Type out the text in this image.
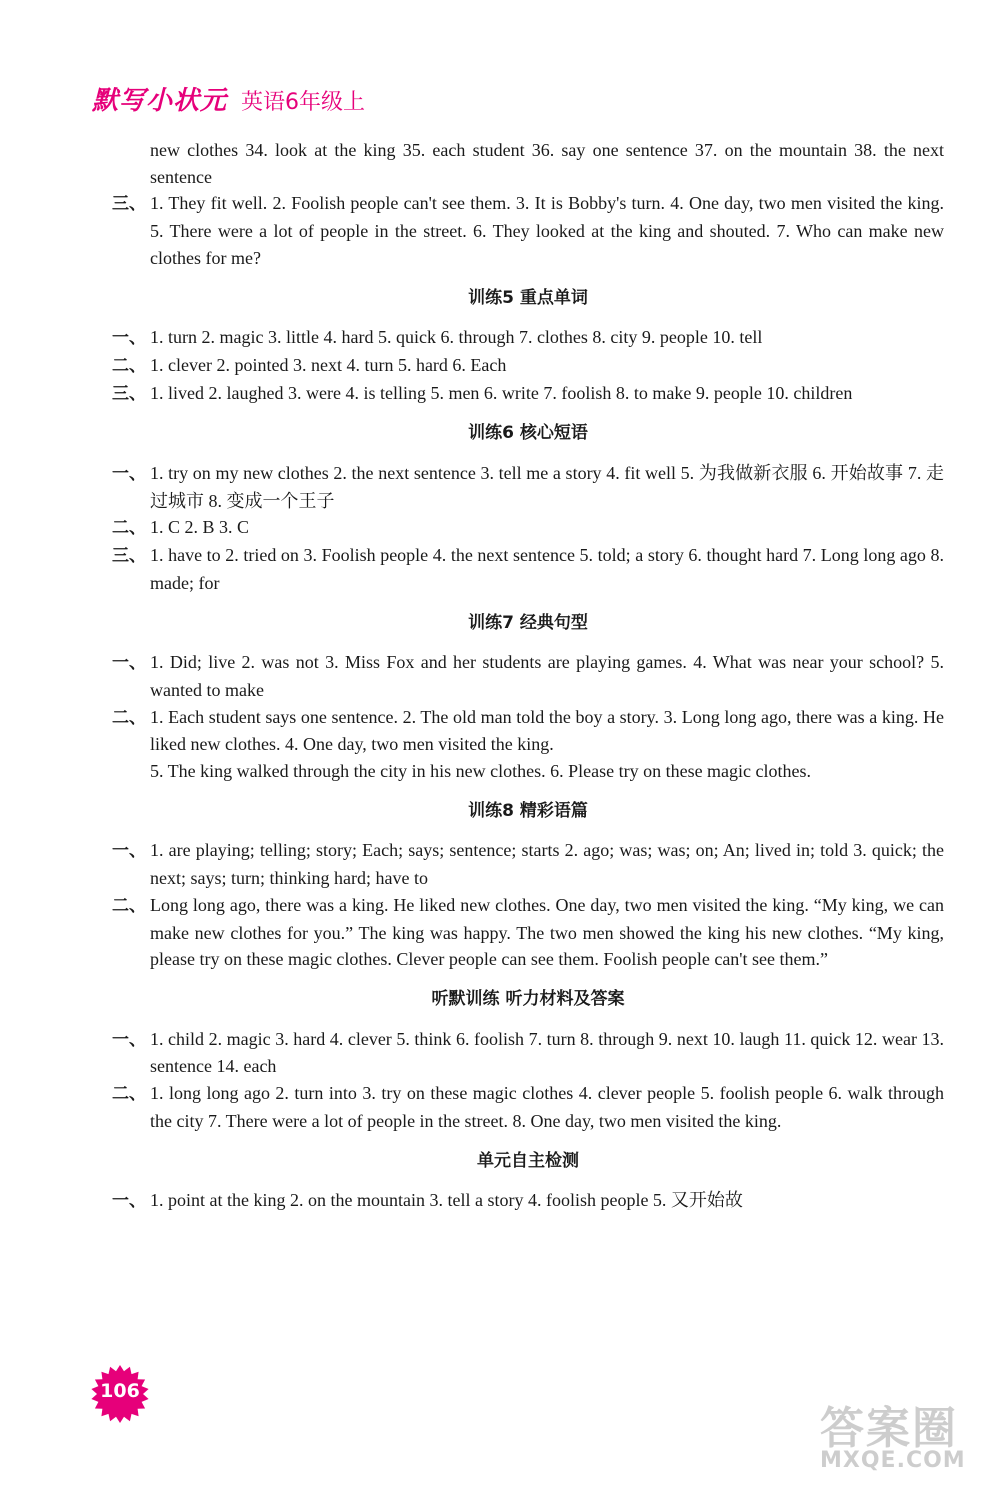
默写小状元 英语6年级上

new clothes 34. look at the king 35. each student 36. say one sentence 37. on the mountain 38. the next sentence

三、 1. They fit well. 2. Foolish people can't see them. 3. It is Bobby's turn. 4. One day, two men visited the king. 5. There were a lot of people in the street. 6. They looked at the king and shouted. 7. Who can make new clothes for me?

训练5 重点单词

一、 1. turn 2. magic 3. little 4. hard 5. quick 6. through 7. clothes 8. city 9. people 10. tell

二、 1. clever 2. pointed 3. next 4. turn 5. hard 6. Each

三、 1. lived 2. laughed 3. were 4. is telling 5. men 6. write 7. foolish 8. to make 9. people 10. children

训练6 核心短语

一、 1. try on my new clothes 2. the next sentence 3. tell me a story 4. fit well 5. 为我做新衣服 6. 开始故事 7. 走过城市 8. 变成一个王子

二、 1. C 2. B 3. C

三、 1. have to 2. tried on 3. Foolish people 4. the next sentence 5. told; a story 6. thought hard 7. Long long ago 8. made; for

训练7 经典句型

一、 1. Did; live 2. was not 3. Miss Fox and her students are playing games. 4. What was near your school? 5. wanted to make

二、 1. Each student says one sentence. 2. The old man told the boy a story. 3. Long long ago, there was a king. He liked new clothes. 4. One day, two men visited the king.

5. The king walked through the city in his new clothes. 6. Please try on these magic clothes.

训练8 精彩语篇

一、 1. are playing; telling; story; Each; says; sentence; starts 2. ago; was; was; on; An; lived in; told 3. quick; the next; says; turn; thinking hard; have to

二、 Long long ago, there was a king. He liked new clothes. One day, two men visited the king. “My king, we can make new clothes for you.” The king was happy. The two men showed the king his new clothes. “My king, please try on these magic clothes. Clever people can see them. Foolish people can't see them.”

听默训练 听力材料及答案

一、 1. child 2. magic 3. hard 4. clever 5. think 6. foolish 7. turn 8. through 9. next 10. laugh 11. quick 12. wear 13. sentence 14. each

二、 1. long long ago 2. turn into 3. try on these magic clothes 4. clever people 5. foolish people 6. walk through the city 7. There were a lot of people in the street. 8. One day, two men visited the king.

单元自主检测

一、 1. point at the king 2. on the mountain 3. tell a story 4. foolish people 5. 又开始故

106
答案圈
MXQE.COM
